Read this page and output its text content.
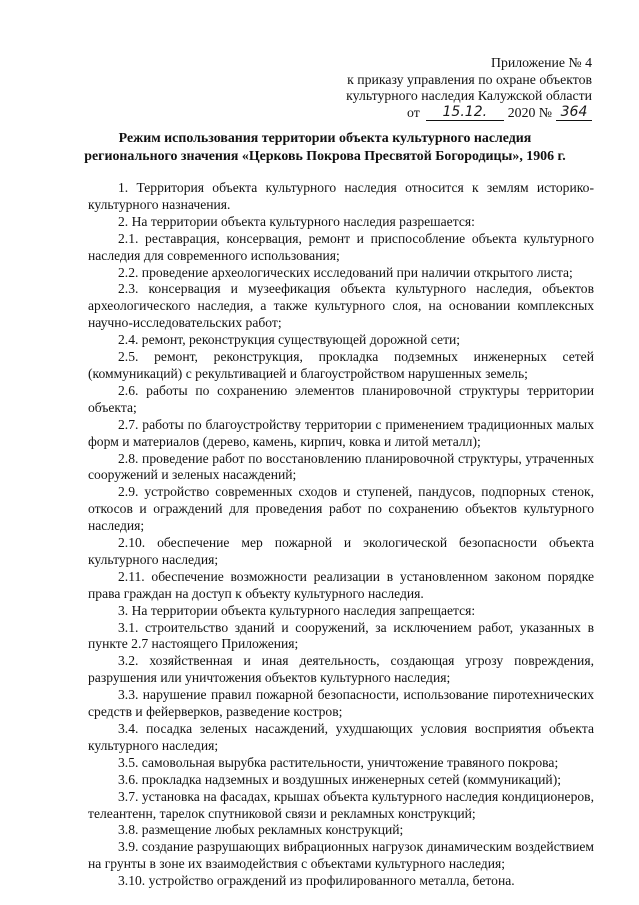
Приложение № 4
к приказу управления по охране объектов
культурного наследия Калужской области
от	15.12.	2020 № 364
Режим использования территории объекта культурного наследия
регионального значения «Церковь Покрова Пресвятой Богородицы», 1906 г.

1. Территория объекта культурного наследия относится к землям историко-культурного назначения.

2. На территории объекта культурного наследия разрешается:

2.1. реставрация, консервация, ремонт и приспособление объекта культурного наследия для современного использования;

2.2. проведение археологических исследований при наличии открытого листа;

2.3. консервация и музеефикация объекта культурного наследия, объектов археологического наследия, а также культурного слоя, на основании комплексных научно-исследовательских работ;

2.4. ремонт, реконструкция существующей дорожной сети;

2.5. ремонт, реконструкция, прокладка подземных инженерных сетей (коммуникаций) с рекультивацией и благоустройством нарушенных земель;

2.6. работы по сохранению элементов планировочной структуры территории объекта;

2.7. работы по благоустройству территории с применением традиционных малых форм и материалов (дерево, камень, кирпич, ковка и литой металл);

2.8. проведение работ по восстановлению планировочной структуры, утраченных сооружений и зеленых насаждений;

2.9. устройство современных сходов и ступеней, пандусов, подпорных стенок, откосов и ограждений для проведения работ по сохранению объектов культурного наследия;

2.10. обеспечение мер пожарной и экологической безопасности объекта культурного наследия;

2.11. обеспечение возможности реализации в установленном законом порядке права граждан на доступ к объекту культурного наследия.

3. На территории объекта культурного наследия запрещается:

3.1. строительство зданий и сооружений, за исключением работ, указанных в пункте 2.7 настоящего Приложения;

3.2. хозяйственная и иная деятельность, создающая угрозу повреждения, разрушения или уничтожения объектов культурного наследия;

3.3. нарушение правил пожарной безопасности, использование пиротехнических средств и фейерверков, разведение костров;

3.4. посадка зеленых насаждений, ухудшающих условия восприятия объекта культурного наследия;

3.5. самовольная вырубка растительности, уничтожение травяного покрова;

3.6. прокладка надземных и воздушных инженерных сетей (коммуникаций);

3.7. установка на фасадах, крышах объекта культурного наследия кондиционеров, телеантенн, тарелок спутниковой связи и рекламных конструкций;

3.8. размещение любых рекламных конструкций;

3.9. создание разрушающих вибрационных нагрузок динамическим воздействием на грунты в зоне их взаимодействия с объектами культурного наследия;

3.10. устройство ограждений из профилированного металла, бетона.
